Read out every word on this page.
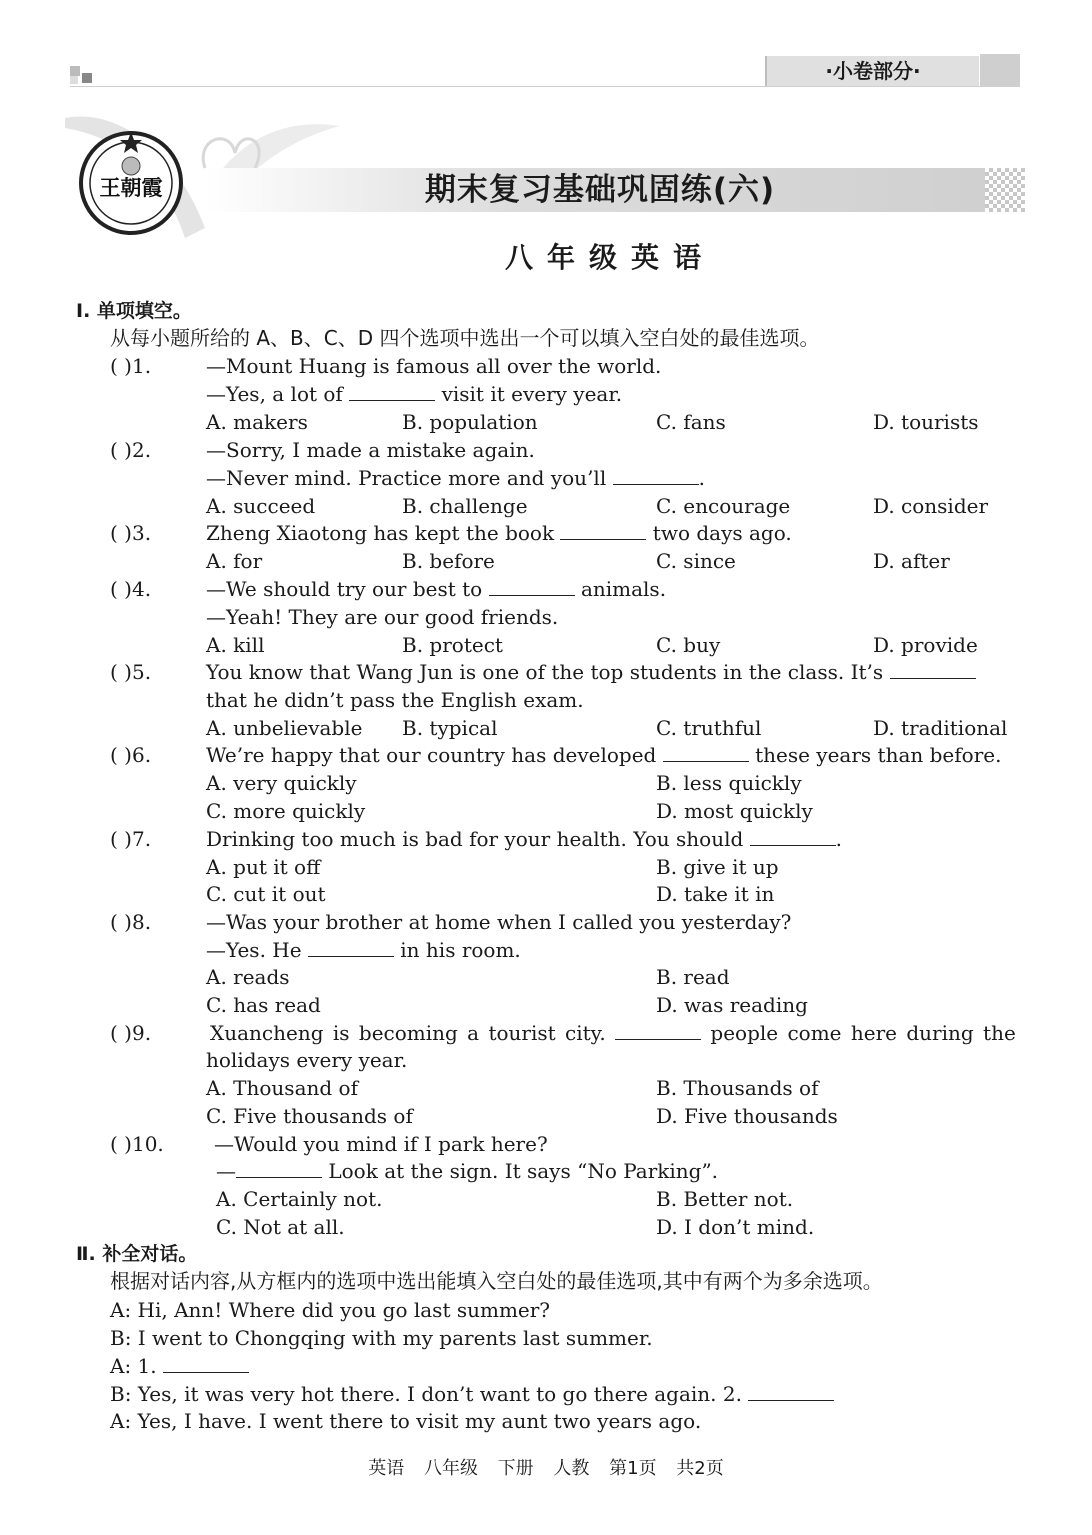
·小卷部分·
王朝霞	期末复习基础巩固练(六)
八年级英语
Ⅰ. 单项填空。
从每小题所给的 A、B、C、D 四个选项中选出一个可以填入空白处的最佳选项。
( )1.	—Mount Huang is famous all over the world.
—Yes, a lot of	visit it every year.
A. makers	B. population	C. fans	D. tourists
( )2.	—Sorry, I made a mistake again.
—Never mind. Practice more and you’ll	.
A. succeed	B. challenge	C. encourage	D. consider
( )3.	Zheng Xiaotong has kept the book	two days ago.
A. for	B. before	C. since	D. after
( )4.	—We should try our best to	animals.
—Yeah! They are our good friends.
A. kill	B. protect	C. buy	D. provide
( )5.	You know that Wang Jun is one of the top students in the class. It’s
that he didn’t pass the English exam.
A. unbelievable B. typical	C. truthful	D. traditional
( )6.	We’re happy that our country has developed	these years than before.
A. very quickly	B. less quickly
C. more quickly	D. most quickly
( )7.	Drinking too much is bad for your health. You should	.
A. put it off	B. give it up
C. cut it out	D. take it in
( )8.	—Was your brother at home when I called you yesterday?
—Yes. He	in his room.
A. reads	B. read
C. has read	D. was reading
( )9.	Xuancheng is becoming a tourist city.	people come here during the
holidays every year.
A. Thousand of	B. Thousands of
C. Five thousands of	D. Five thousands
( )10.	—Would you mind if I park here?
—	Look at the sign. It says “No Parking”.
A. Certainly not.	B. Better not.
C. Not at all.	D. I don’t mind.
Ⅱ. 补全对话。
根据对话内容,从方框内的选项中选出能填入空白处的最佳选项,其中有两个为多余选项。
A: Hi, Ann! Where did you go last summer?
B: I went to Chongqing with my parents last summer.
A: 1.
B: Yes, it was very hot there. I don’t want to go there again. 2.
A: Yes, I have. I went there to visit my aunt two years ago.
英语 八年级 下册 人教 第1页 共2页
